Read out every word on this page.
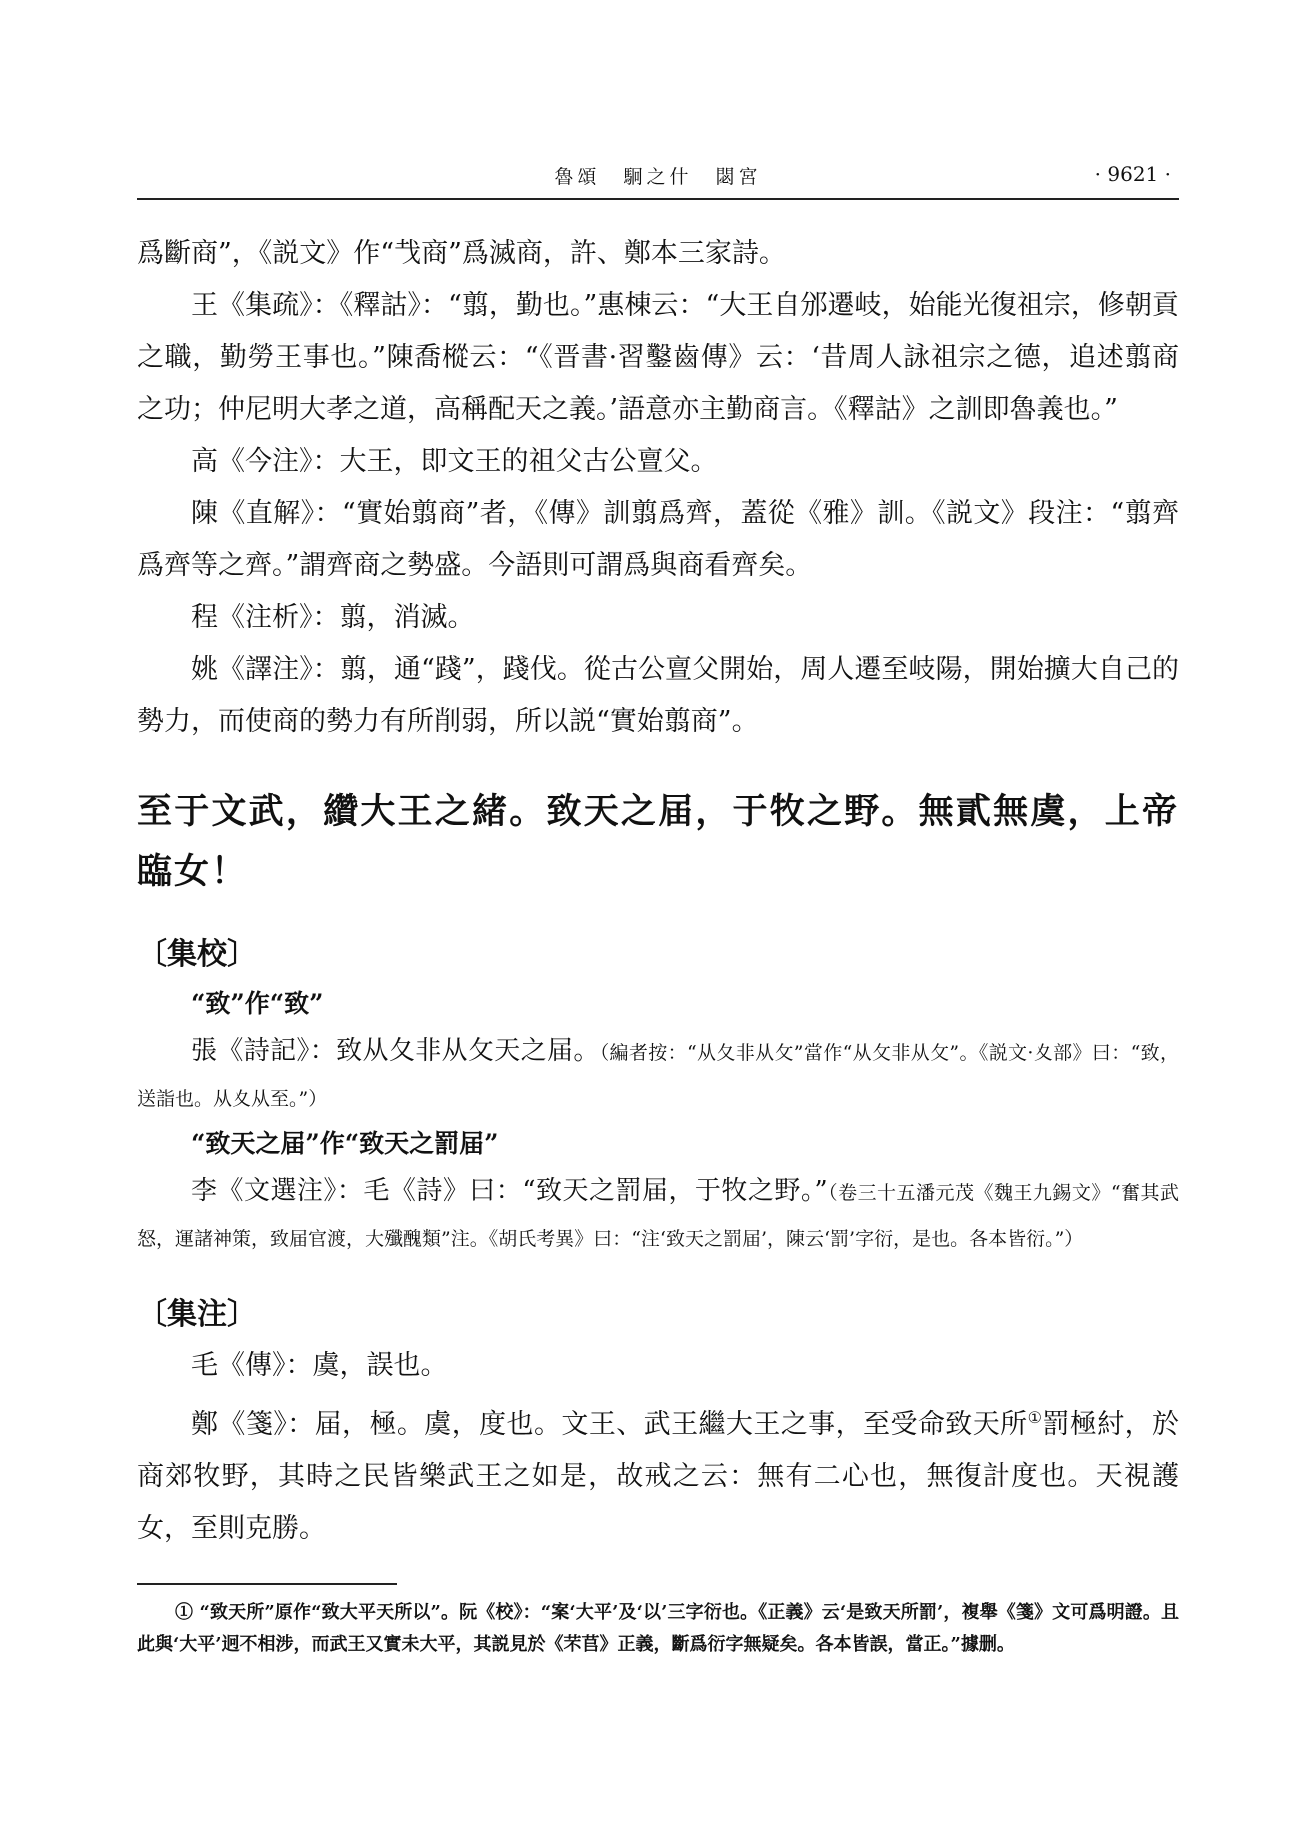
魯頌　駉之什　閟宮	· 9621 ·

爲斷商”，《説文》作“𢦏商”爲滅商，許、鄭本三家詩。

王《集疏》：《釋詁》：“翦，勤也。”惠棟云：“大王自邠遷岐，始能光復祖宗，修朝貢之職，勤勞王事也。”陳喬樅云：“《晋書·習鑿齒傳》云：‘昔周人詠祖宗之德，追述翦商之功；仲尼明大孝之道，高稱配天之義。’語意亦主勤商言。《釋詁》之訓即魯義也。”

高《今注》：大王，即文王的祖父古公亶父。

陳《直解》：“實始翦商”者，《傳》訓翦爲齊，蓋從《雅》訓。《説文》段注：“翦齊爲齊等之齊。”謂齊商之勢盛。今語則可謂爲與商看齊矣。

程《注析》：翦，消滅。

姚《譯注》：翦，通“踐”，踐伐。從古公亶父開始，周人遷至岐陽，開始擴大自己的勢力，而使商的勢力有所削弱，所以説“實始翦商”。

至于文武，纘大王之緒。致天之届，于牧之野。無貳無虞，上帝臨女！

〔集校〕

“致”作“致”

張《詩記》：致从夂非从攵天之届。（編者按：“从夂非从攵”當作“从攵非从攵”。《説文·夊部》曰：“致，送詣也。从夊从至。”）

“致天之届”作“致天之罰届”

李《文選注》：毛《詩》曰：“致天之罰届，于牧之野。”（卷三十五潘元茂《魏王九錫文》“奮其武怒，運諸神策，致届官渡，大殲醜類”注。《胡氏考異》曰：“注‘致天之罰届’，陳云‘罰’字衍，是也。各本皆衍。”）

〔集注〕

毛《傳》：虞，誤也。

鄭《箋》：届，極。虞，度也。文王、武王繼大王之事，至受命致天所①罰極紂，於商郊牧野，其時之民皆樂武王之如是，故戒之云：無有二心也，無復計度也。天視護女，至則克勝。

① “致天所”原作“致大平天所以”。阮《校》：“案‘大平’及‘以’三字衍也。《正義》云‘是致天所罰’，複舉《箋》文可爲明證。且此與‘大平’迥不相涉，而武王又實未大平，其説見於《芣苢》正義，斷爲衍字無疑矣。各本皆誤，當正。”據删。
